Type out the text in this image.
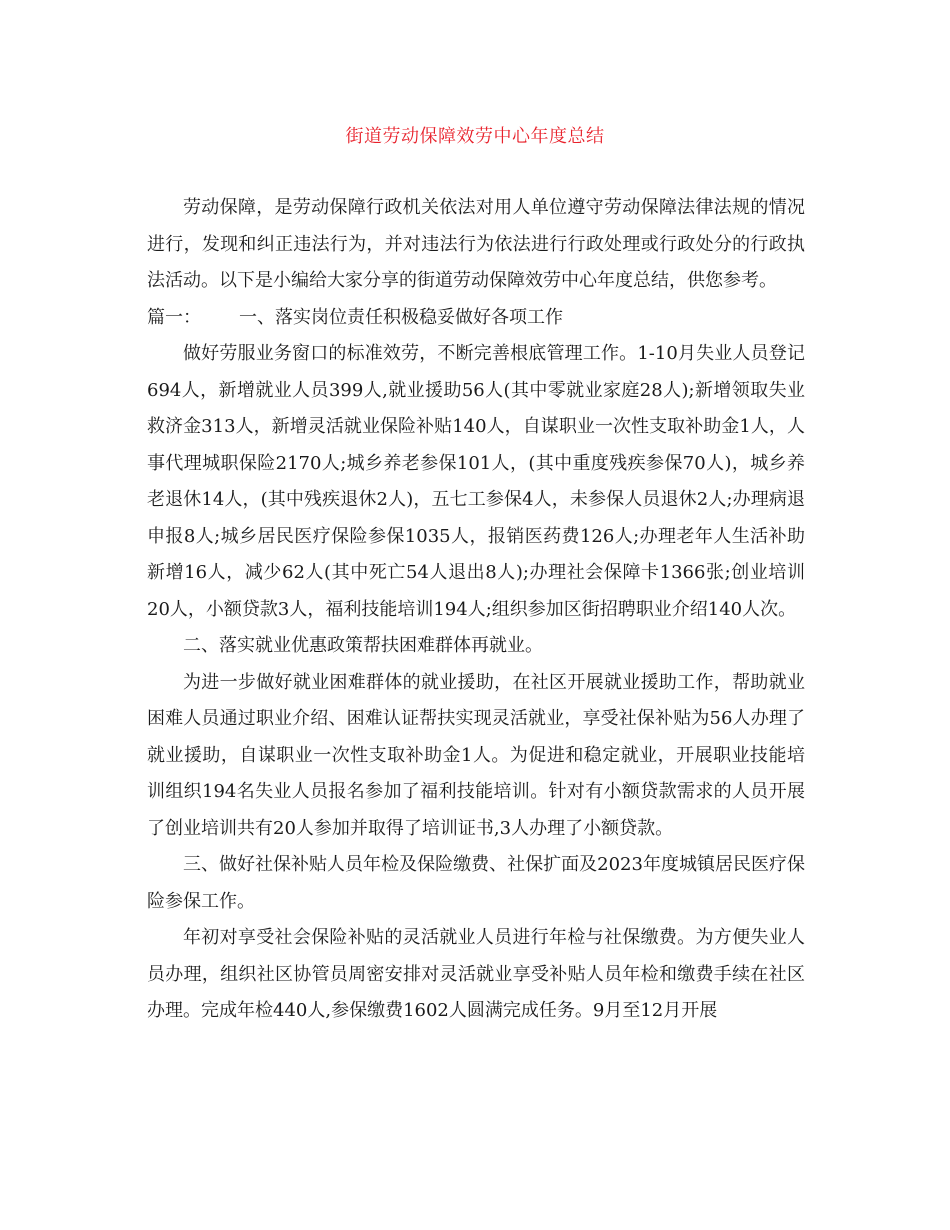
街道劳动保障效劳中心年度总结

劳动保障，是劳动保障行政机关依法对用人单位遵守劳动保障法律法规的情况进行，发现和纠正违法行为，并对违法行为依法进行行政处理或行政处分的行政执法活动。以下是小编给大家分享的街道劳动保障效劳中心年度总结，供您参考。

篇一： 一、落实岗位责任积极稳妥做好各项工作

做好劳服业务窗口的标准效劳，不断完善根底管理工作。1-10月失业人员登记694人，新增就业人员399人,就业援助56人(其中零就业家庭28人);新增领取失业救济金313人，新增灵活就业保险补贴140人，自谋职业一次性支取补助金1人，人事代理城职保险2170人;城乡养老参保101人，(其中重度残疾参保70人)，城乡养老退休14人，(其中残疾退休2人)，五七工参保4人，未参保人员退休2人;办理病退申报8人;城乡居民医疗保险参保1035人，报销医药费126人;办理老年人生活补助新增16人，减少62人(其中死亡54人退出8人);办理社会保障卡1366张;创业培训20人，小额贷款3人，福利技能培训194人;组织参加区街招聘职业介绍140人次。

二、落实就业优惠政策帮扶困难群体再就业。

为进一步做好就业困难群体的就业援助，在社区开展就业援助工作，帮助就业困难人员通过职业介绍、困难认证帮扶实现灵活就业，享受社保补贴为56人办理了就业援助，自谋职业一次性支取补助金1人。为促进和稳定就业，开展职业技能培训组织194名失业人员报名参加了福利技能培训。针对有小额贷款需求的人员开展了创业培训共有20人参加并取得了培训证书,3人办理了小额贷款。

三、做好社保补贴人员年检及保险缴费、社保扩面及2023年度城镇居民医疗保险参保工作。

年初对享受社会保险补贴的灵活就业人员进行年检与社保缴费。为方便失业人员办理，组织社区协管员周密安排对灵活就业享受补贴人员年检和缴费手续在社区办理。完成年检440人,参保缴费1602人圆满完成任务。9月至12月开展
